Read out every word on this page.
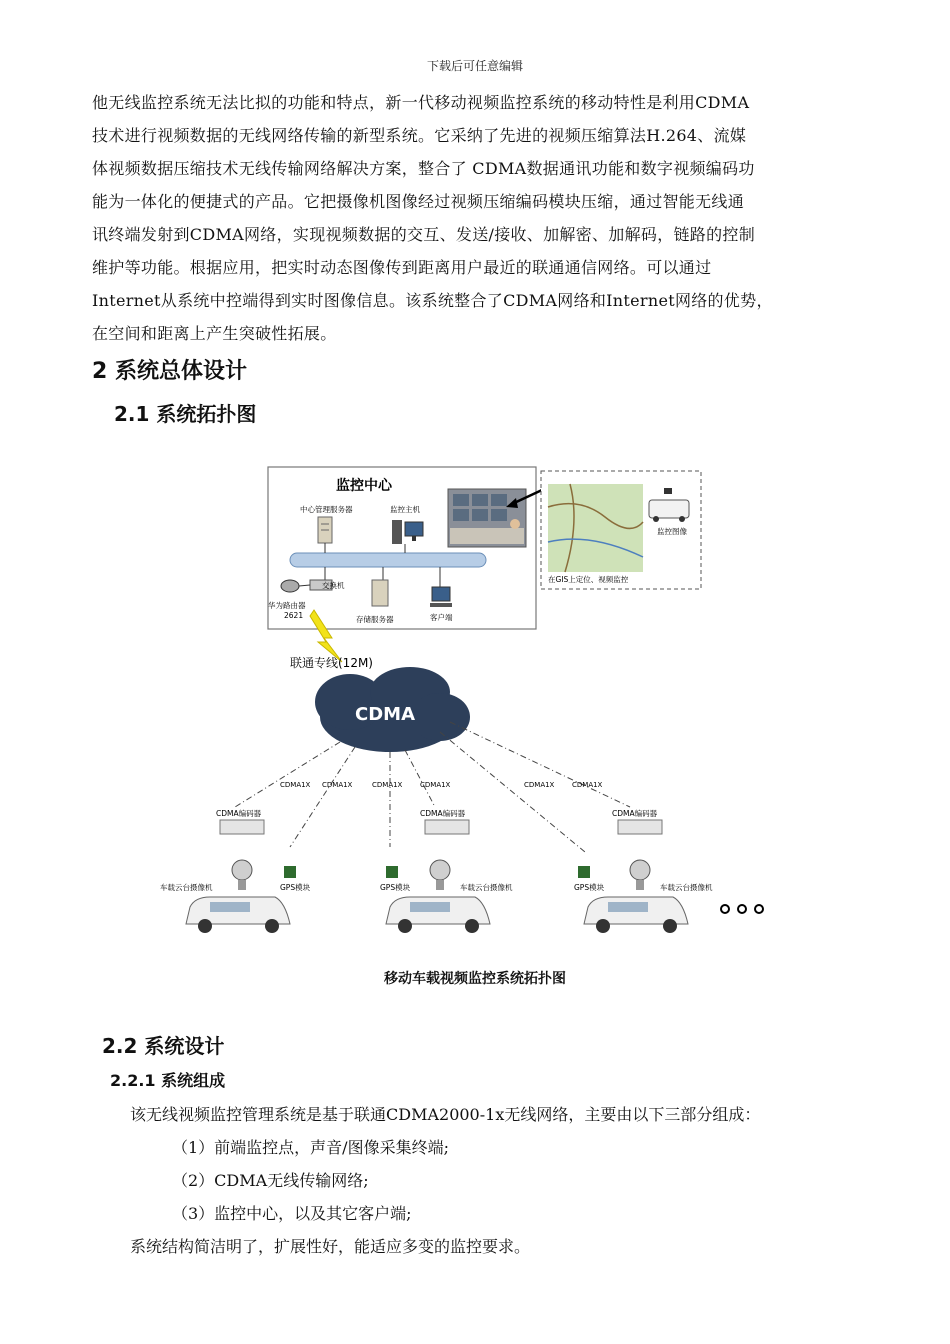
下载后可任意编辑
他无线监控系统无法比拟的功能和特点，新一代移动视频监控系统的移动特性是利用CDMA
技术进行视频数据的无线网络传输的新型系统。它采纳了先进的视频压缩算法H.264、流媒
体视频数据压缩技术无线传输网络解决方案，整合了 CDMA数据通讯功能和数字视频编码功
能为一体化的便捷式的产品。它把摄像机图像经过视频压缩编码模块压缩，通过智能无线通
讯终端发射到CDMA网络，实现视频数据的交互、发送/接收、加解密、加解码，链路的控制
维护等功能。根据应用，把实时动态图像传到距离用户最近的联通通信网络。可以通过
Internet从系统中控端得到实时图像信息。该系统整合了CDMA网络和Internet网络的优势，
在空间和距离上产生突破性拓展。
2 系统总体设计
2.1 系统拓扑图
监控中心
中心管理服务器	监控主机
交换机
华为路由器
2621	存储服务器	客户端
监控图像
在GIS上定位、视频监控
联通专线(12M)
CDMA
CDMA1X CDMA1X	CDMA1X	CDMA1X	CDMA1X	CDMA1X
CDMA编码器	CDMA编码器	CDMA编码器
车载云台摄像机	车载云台摄像机	车载云台摄像机
GPS模块	GPS模块	GPS模块
移动车载视频监控系统拓扑图
2.2 系统设计
2.2.1 系统组成
该无线视频监控管理系统是基于联通CDMA2000-1x无线网络，主要由以下三部分组成：
（1）前端监控点，声音/图像采集终端;
（2）CDMA无线传输网络;
（3）监控中心，以及其它客户端;
系统结构简洁明了，扩展性好，能适应多变的监控要求。
